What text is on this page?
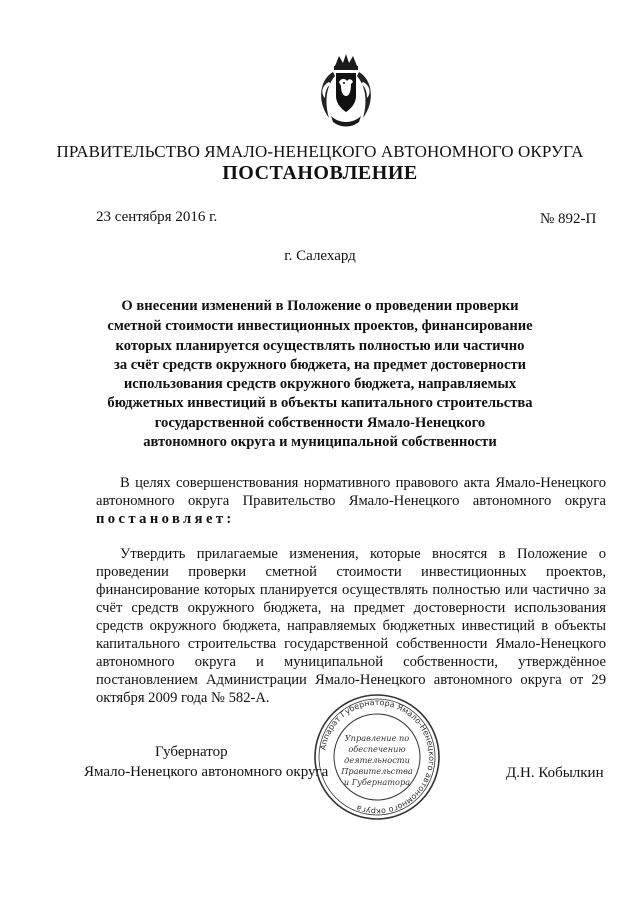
ПРАВИТЕЛЬСТВО ЯМАЛО-НЕНЕЦКОГО АВТОНОМНОГО ОКРУГА
ПОСТАНОВЛЕНИЕ
23 сентября 2016 г.	№ 892-П
г. Салехард
О внесении изменений в Положение о проведении проверки
сметной стоимости инвестиционных проектов, финансирование
которых планируется осуществлять полностью или частично
за счёт средств окружного бюджета, на предмет достоверности
использования средств окружного бюджета, направляемых
бюджетных инвестиций в объекты капитального строительства
государственной собственности Ямало-Ненецкого
автономного округа и муниципальной собственности

В целях совершенствования нормативного правового акта Ямало-Ненецкого автономного округа Правительство Ямало-Ненецкого автономного округа постановляет:

Утвердить прилагаемые изменения, которые вносятся в Положение о проведении проверки сметной стоимости инвестиционных проектов, финансирование которых планируется осуществлять полностью или частично за счёт средств окружного бюджета, на предмет достоверности использования средств окружного бюджета, направляемых бюджетных инвестиций в объекты капитального строительства государственной собственности Ямало-Ненецкого автономного округа и муниципальной собственности, утверждённое постановлением Администрации Ямало-Ненецкого автономного округа от 29 октября 2009 года № 582-А.

Губернатор
Ямало-Ненецкого автономного округа	Д.Н. Кобылкин
Аппарат Губернатора Ямало-Ненецкого автономного округа
Управление по
обеспечению
деятельности
Правительства
и Губернатора
